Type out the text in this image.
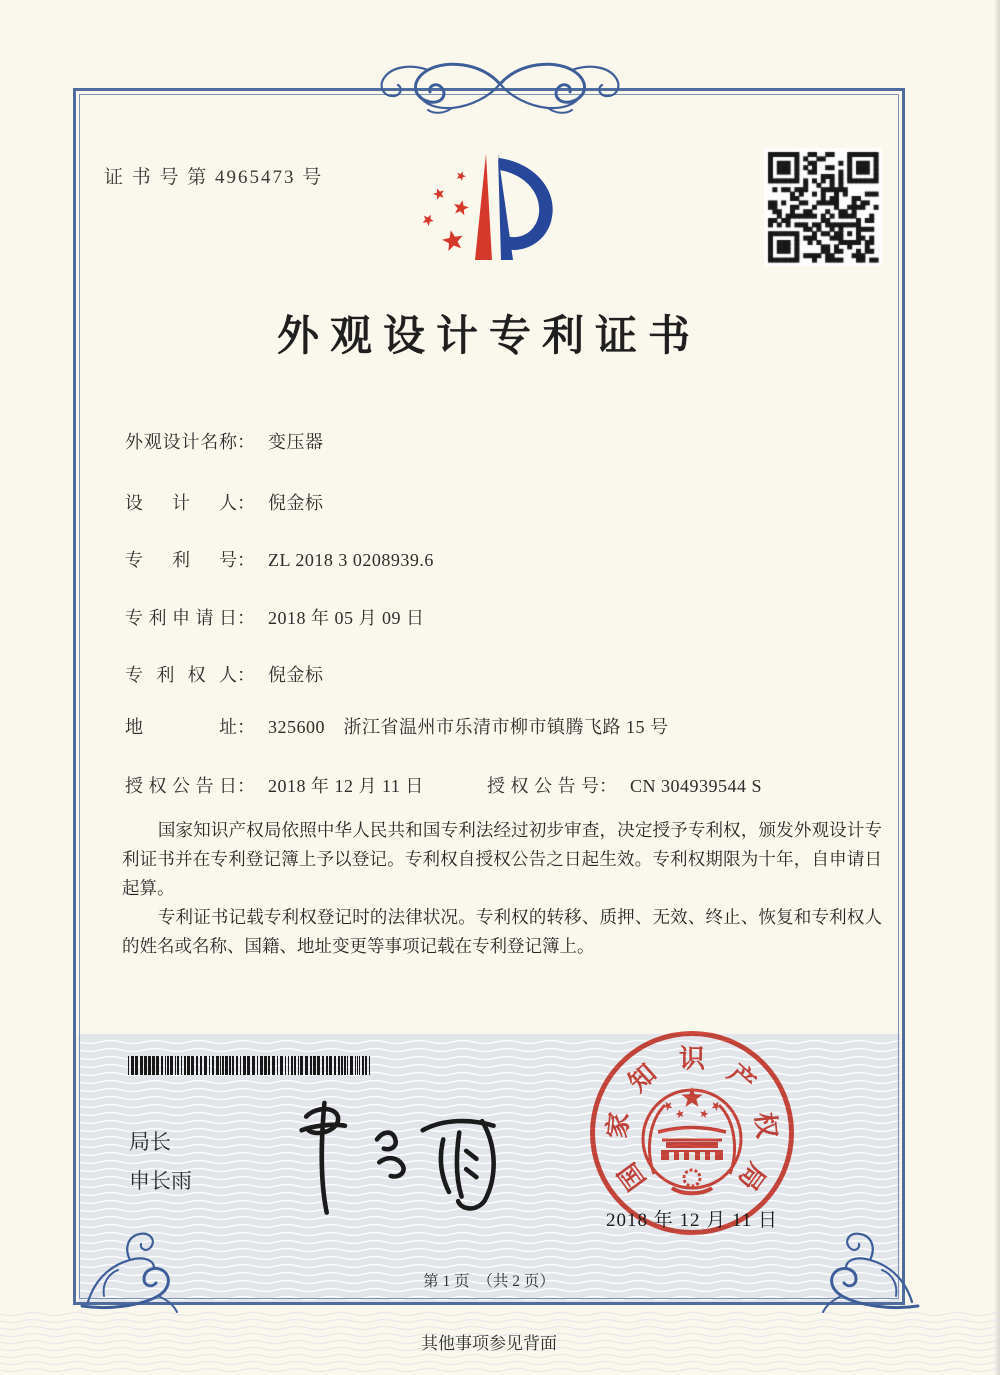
证 书 号 第 4965473 号
外观设计专利证书
外观设计名称： 变压器
设计人： 倪金标
专利号： ZL 2018 3 0208939.6
专利申请日： 2018 年 05 月 09 日
专利权人： 倪金标
地址： 325600　浙江省温州市乐清市柳市镇腾飞路 15 号
授权公告日： 2018 年 12 月 11 日	授权公告号： CN 304939544 S

国家知识产权局依照中华人民共和国专利法经过初步审查，决定授予专利权，颁发外观设计专利证书并在专利登记簿上予以登记。专利权自授权公告之日起生效。专利权期限为十年，自申请日起算。

专利证书记载专利权登记时的法律状况。专利权的转移、质押、无效、终止、恢复和专利权人的姓名或名称、国籍、地址变更等事项记载在专利登记簿上。

局长
申长雨	国
家
知 识 产
权
局
2018 年 12 月 11 日
第 1 页　（共 2 页）
其他事项参见背面
